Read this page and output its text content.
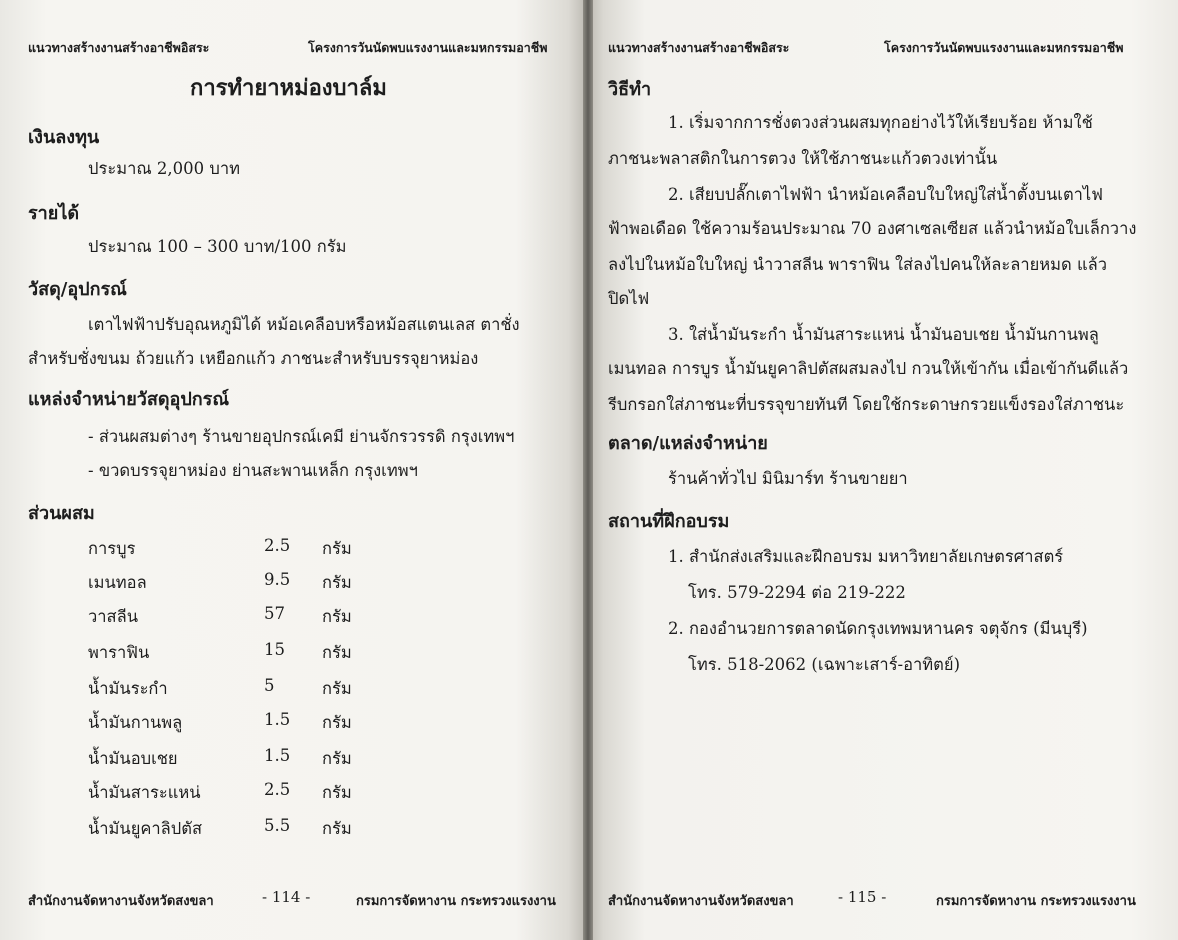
แนวทางสร้างงานสร้างอาชีพอิสระ	โครงการวันนัดพบแรงงานและมหกรรมอาชีพ
การทำยาหม่องบาล์ม
เงินลงทุน
ประมาณ 2,000 บาท
รายได้
ประมาณ 100 – 300 บาท/100 กรัม
วัสดุ/อุปกรณ์
เตาไฟฟ้าปรับอุณหภูมิได้ หม้อเคลือบหรือหม้อสแตนเลส ตาชั่ง
สำหรับชั่งขนม ถ้วยแก้ว เหยือกแก้ว ภาชนะสำหรับบรรจุยาหม่อง
แหล่งจำหน่ายวัสดุอุปกรณ์
- ส่วนผสมต่างๆ ร้านขายอุปกรณ์เคมี ย่านจักรวรรดิ กรุงเทพฯ
- ขวดบรรจุยาหม่อง ย่านสะพานเหล็ก กรุงเทพฯ
ส่วนผสม
การบูร	2.5 กรัม
เมนทอล	9.5 กรัม
วาสลีน	57 กรัม
พาราฟิน	15 กรัม
น้ำมันระกำ	5	กรัม
น้ำมันกานพลู	1.5 กรัม
น้ำมันอบเชย	1.5 กรัม
น้ำมันสาระแหน่	2.5 กรัม
น้ำมันยูคาลิปตัส	5.5 กรัม
สำนักงานจัดหางานจังหวัดสงขลา	- 114 -	กรมการจัดหางาน กระทรวงแรงงาน
แนวทางสร้างงานสร้างอาชีพอิสระ	โครงการวันนัดพบแรงงานและมหกรรมอาชีพ
วิธีทำ
1. เริ่มจากการชั่งตวงส่วนผสมทุกอย่างไว้ให้เรียบร้อย ห้ามใช้
ภาชนะพลาสติกในการตวง ให้ใช้ภาชนะแก้วตวงเท่านั้น
2. เสียบปลั๊กเตาไฟฟ้า นำหม้อเคลือบใบใหญ่ใส่น้ำตั้งบนเตาไฟ
ฟ้าพอเดือด ใช้ความร้อนประมาณ 70 องศาเซลเซียส แล้วนำหม้อใบเล็กวาง
ลงไปในหม้อใบใหญ่ นำวาสลีน พาราฟิน ใส่ลงไปคนให้ละลายหมด แล้ว
ปิดไฟ
3. ใส่น้ำมันระกำ น้ำมันสาระแหน่ น้ำมันอบเชย น้ำมันกานพลู
เมนทอล การบูร น้ำมันยูคาลิปตัสผสมลงไป กวนให้เข้ากัน เมื่อเข้ากันดีแล้ว
รีบกรอกใส่ภาชนะที่บรรจุขายทันที โดยใช้กระดาษกรวยแข็งรองใส่ภาชนะ
ตลาด/แหล่งจำหน่าย
ร้านค้าทั่วไป มินิมาร์ท ร้านขายยา
สถานที่ฝึกอบรม
1. สำนักส่งเสริมและฝึกอบรม มหาวิทยาลัยเกษตรศาสตร์
โทร. 579-2294 ต่อ 219-222
2. กองอำนวยการตลาดนัดกรุงเทพมหานคร จตุจักร (มีนบุรี)
โทร. 518-2062 (เฉพาะเสาร์-อาทิตย์)
สำนักงานจัดหางานจังหวัดสงขลา	- 115 -	กรมการจัดหางาน กระทรวงแรงงาน
